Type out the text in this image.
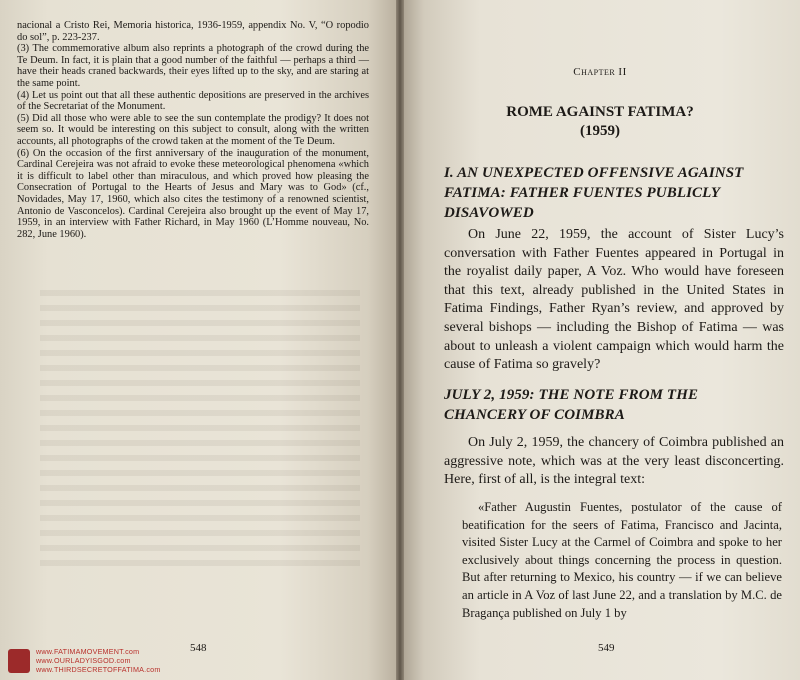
nacional a Cristo Rei, Memoria historica, 1936-1959, appendix No. V, “O ropodio do sol”, p. 223-237.

(3) The commemorative album also reprints a photograph of the crowd during the Te Deum. In fact, it is plain that a good number of the faithful — perhaps a third — have their heads craned backwards, their eyes lifted up to the sky, and are staring at the same point.

(4) Let us point out that all these authentic depositions are preserved in the archives of the Secretariat of the Monument.

(5) Did all those who were able to see the sun contemplate the prodigy? It does not seem so. It would be interesting on this subject to consult, along with the written accounts, all photographs of the crowd taken at the moment of the Te Deum.

(6) On the occasion of the first anniversary of the inauguration of the monument, Cardinal Cerejeira was not afraid to evoke these meteorological phenomena «which it is difficult to label other than miraculous, and which proved how pleasing the Consecration of Portugal to the Hearts of Jesus and Mary was to God» (cf., Novidades, May 17, 1960, which also cites the testimony of a renowned scientist, Antonio de Vasconcelos). Cardinal Cerejeira also brought up the event of May 17, 1959, in an interview with Father Richard, in May 1960 (L’Homme nouveau, No. 282, June 1960).

548
www.FATIMAMOVEMENT.com
www.OURLADYISGOD.com
www.THIRDSECRETOFFATIMA.com
Chapter II
ROME AGAINST FATIMA?
(1959)
I. AN UNEXPECTED OFFENSIVE AGAINST FATIMA: FATHER FUENTES PUBLICLY DISAVOWED

On June 22, 1959, the account of Sister Lucy’s conversation with Father Fuentes appeared in Portugal in the royalist daily paper, A Voz. Who would have foreseen that this text, already published in the United States in Fatima Findings, Father Ryan’s review, and approved by several bishops — including the Bishop of Fatima — was about to unleash a violent campaign which would harm the cause of Fatima so gravely?

JULY 2, 1959: THE NOTE FROM THE CHANCERY OF COIMBRA

On July 2, 1959, the chancery of Coimbra published an aggressive note, which was at the very least disconcerting. Here, first of all, is the integral text:

«Father Augustin Fuentes, postulator of the cause of beatification for the seers of Fatima, Francisco and Jacinta, visited Sister Lucy at the Carmel of Coimbra and spoke to her exclusively about things concerning the process in question. But after returning to Mexico, his country — if we can believe an article in A Voz of last June 22, and a translation by M.C. de Bragança published on July 1 by

549
